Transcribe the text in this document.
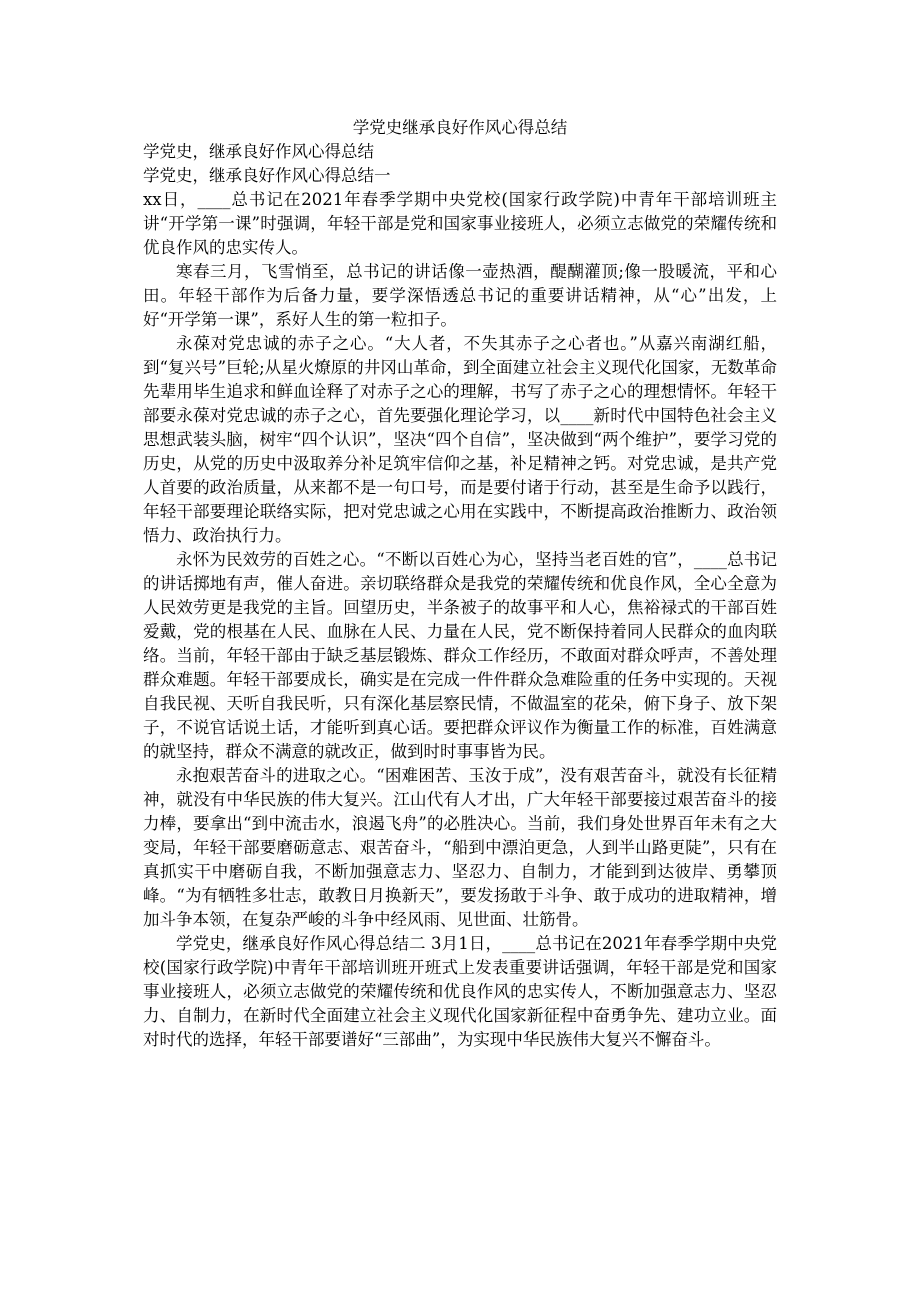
学党史继承良好作风心得总结

学党史，继承良好作风心得总结

学党史，继承良好作风心得总结一

xx日，____总书记在2021年春季学期中央党校(国家行政学院)中青年干部培训班主讲“开学第一课”时强调，年轻干部是党和国家事业接班人，必须立志做党的荣耀传统和优良作风的忠实传人。

寒春三月，飞雪悄至，总书记的讲话像一壶热酒，醍醐灌顶;像一股暖流，平和心田。年轻干部作为后备力量，要学深悟透总书记的重要讲话精神，从“心”出发，上好“开学第一课”，系好人生的第一粒扣子。

永葆对党忠诚的赤子之心。“大人者，不失其赤子之心者也。”从嘉兴南湖红船，到“复兴号”巨轮;从星火燎原的井冈山革命，到全面建立社会主义现代化国家，无数革命先辈用毕生追求和鲜血诠释了对赤子之心的理解，书写了赤子之心的理想情怀。年轻干部要永葆对党忠诚的赤子之心，首先要强化理论学习，以____新时代中国特色社会主义思想武装头脑，树牢“四个认识”，坚决“四个自信”，坚决做到“两个维护”，要学习党的历史，从党的历史中汲取养分补足筑牢信仰之基，补足精神之钙。对党忠诚，是共产党人首要的政治质量，从来都不是一句口号，而是要付诸于行动，甚至是生命予以践行，年轻干部要理论联络实际，把对党忠诚之心用在实践中，不断提高政治推断力、政治领悟力、政治执行力。

永怀为民效劳的百姓之心。“不断以百姓心为心，坚持当老百姓的官”，____总书记的讲话掷地有声，催人奋进。亲切联络群众是我党的荣耀传统和优良作风，全心全意为人民效劳更是我党的主旨。回望历史，半条被子的故事平和人心，焦裕禄式的干部百姓爱戴，党的根基在人民、血脉在人民、力量在人民，党不断保持着同人民群众的血肉联络。当前，年轻干部由于缺乏基层锻炼、群众工作经历，不敢面对群众呼声，不善处理群众难题。年轻干部要成长，确实是在完成一件件群众急难险重的任务中实现的。天视自我民视、天听自我民听，只有深化基层察民情，不做温室的花朵，俯下身子、放下架子，不说官话说土话，才能听到真心话。要把群众评议作为衡量工作的标准，百姓满意的就坚持，群众不满意的就改正，做到时时事事皆为民。

永抱艰苦奋斗的进取之心。“困难困苦、玉汝于成”，没有艰苦奋斗，就没有长征精神，就没有中华民族的伟大复兴。江山代有人才出，广大年轻干部要接过艰苦奋斗的接力棒，要拿出“到中流击水，浪遏飞舟”的必胜决心。当前，我们身处世界百年未有之大变局，年轻干部要磨砺意志、艰苦奋斗，“船到中漂泊更急，人到半山路更陡”，只有在真抓实干中磨砺自我，不断加强意志力、坚忍力、自制力，才能到到达彼岸、勇攀顶峰。“为有牺牲多壮志，敢教日月换新天”，要发扬敢于斗争、敢于成功的进取精神，增加斗争本领，在复杂严峻的斗争中经风雨、见世面、壮筋骨。

学党史，继承良好作风心得总结二 3月1日，____总书记在2021年春季学期中央党校(国家行政学院)中青年干部培训班开班式上发表重要讲话强调，年轻干部是党和国家事业接班人，必须立志做党的荣耀传统和优良作风的忠实传人，不断加强意志力、坚忍力、自制力，在新时代全面建立社会主义现代化国家新征程中奋勇争先、建功立业。面对时代的选择，年轻干部要谱好“三部曲”，为实现中华民族伟大复兴不懈奋斗。
